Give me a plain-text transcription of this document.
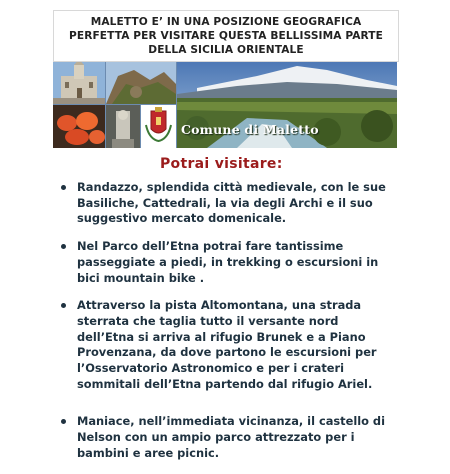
MALETTO E’ IN UNA POSIZIONE GEOGRAFICA
PERFETTA PER VISITARE QUESTA BELLISSIMA PARTE
DELLA SICILIA ORIENTALE
Comune di Maletto
Potrai visitare:
Randazzo, splendida città medievale, con le sue Basiliche, Cattedrali, la via degli Archi e il suo suggestivo mercato domenicale.
Nel Parco dell’Etna potrai fare tantissime passeggiate a piedi, in trekking o escursioni in bici mountain bike .
Attraverso la pista Altomontana, una strada sterrata che taglia tutto il versante nord dell’Etna si arriva al rifugio Brunek e a Piano Provenzana, da dove partono le escursioni per l’Osservatorio Astronomico e per i crateri sommitali dell’Etna partendo dal rifugio Ariel.
Maniace, nell’immediata vicinanza, il castello di Nelson con un ampio parco attrezzato per i bambini e aree picnic.
